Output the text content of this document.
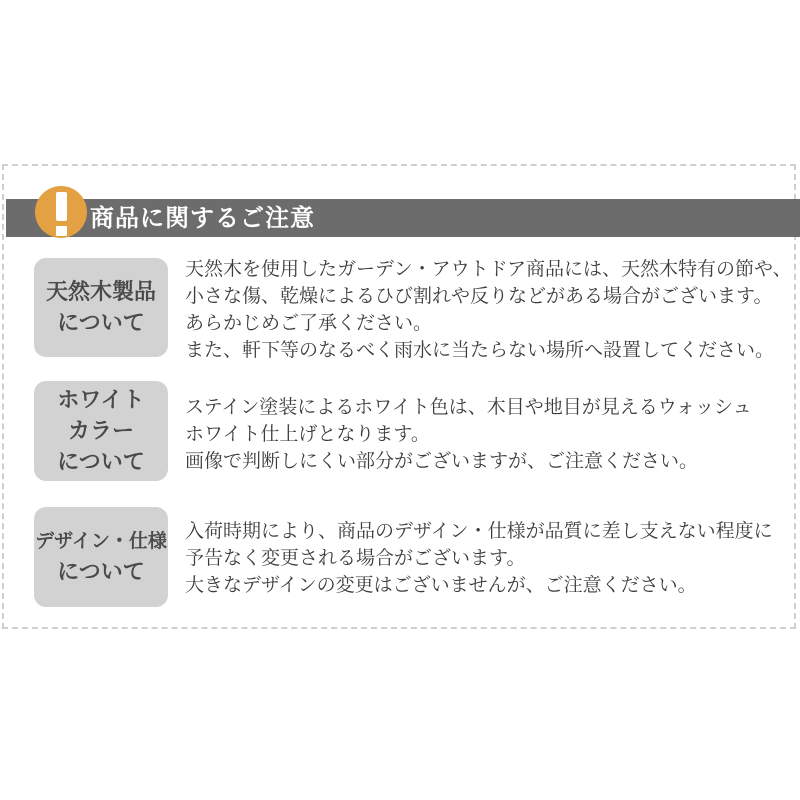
商品に関するご注意
天然木製品
について
天然木を使用したガーデン・アウトドア商品には、天然木特有の節や、
小さな傷、乾燥によるひび割れや反りなどがある場合がございます。
あらかじめご了承ください。
また、軒下等のなるべく雨水に当たらない場所へ設置してください。
ホワイト
カラー
について
ステイン塗装によるホワイト色は、木目や地目が見えるウォッシュ
ホワイト仕上げとなります。
画像で判断しにくい部分がございますが、ご注意ください。
デザイン・仕様
について
入荷時期により、商品のデザイン・仕様が品質に差し支えない程度に
予告なく変更される場合がございます。
大きなデザインの変更はございませんが、ご注意ください。
